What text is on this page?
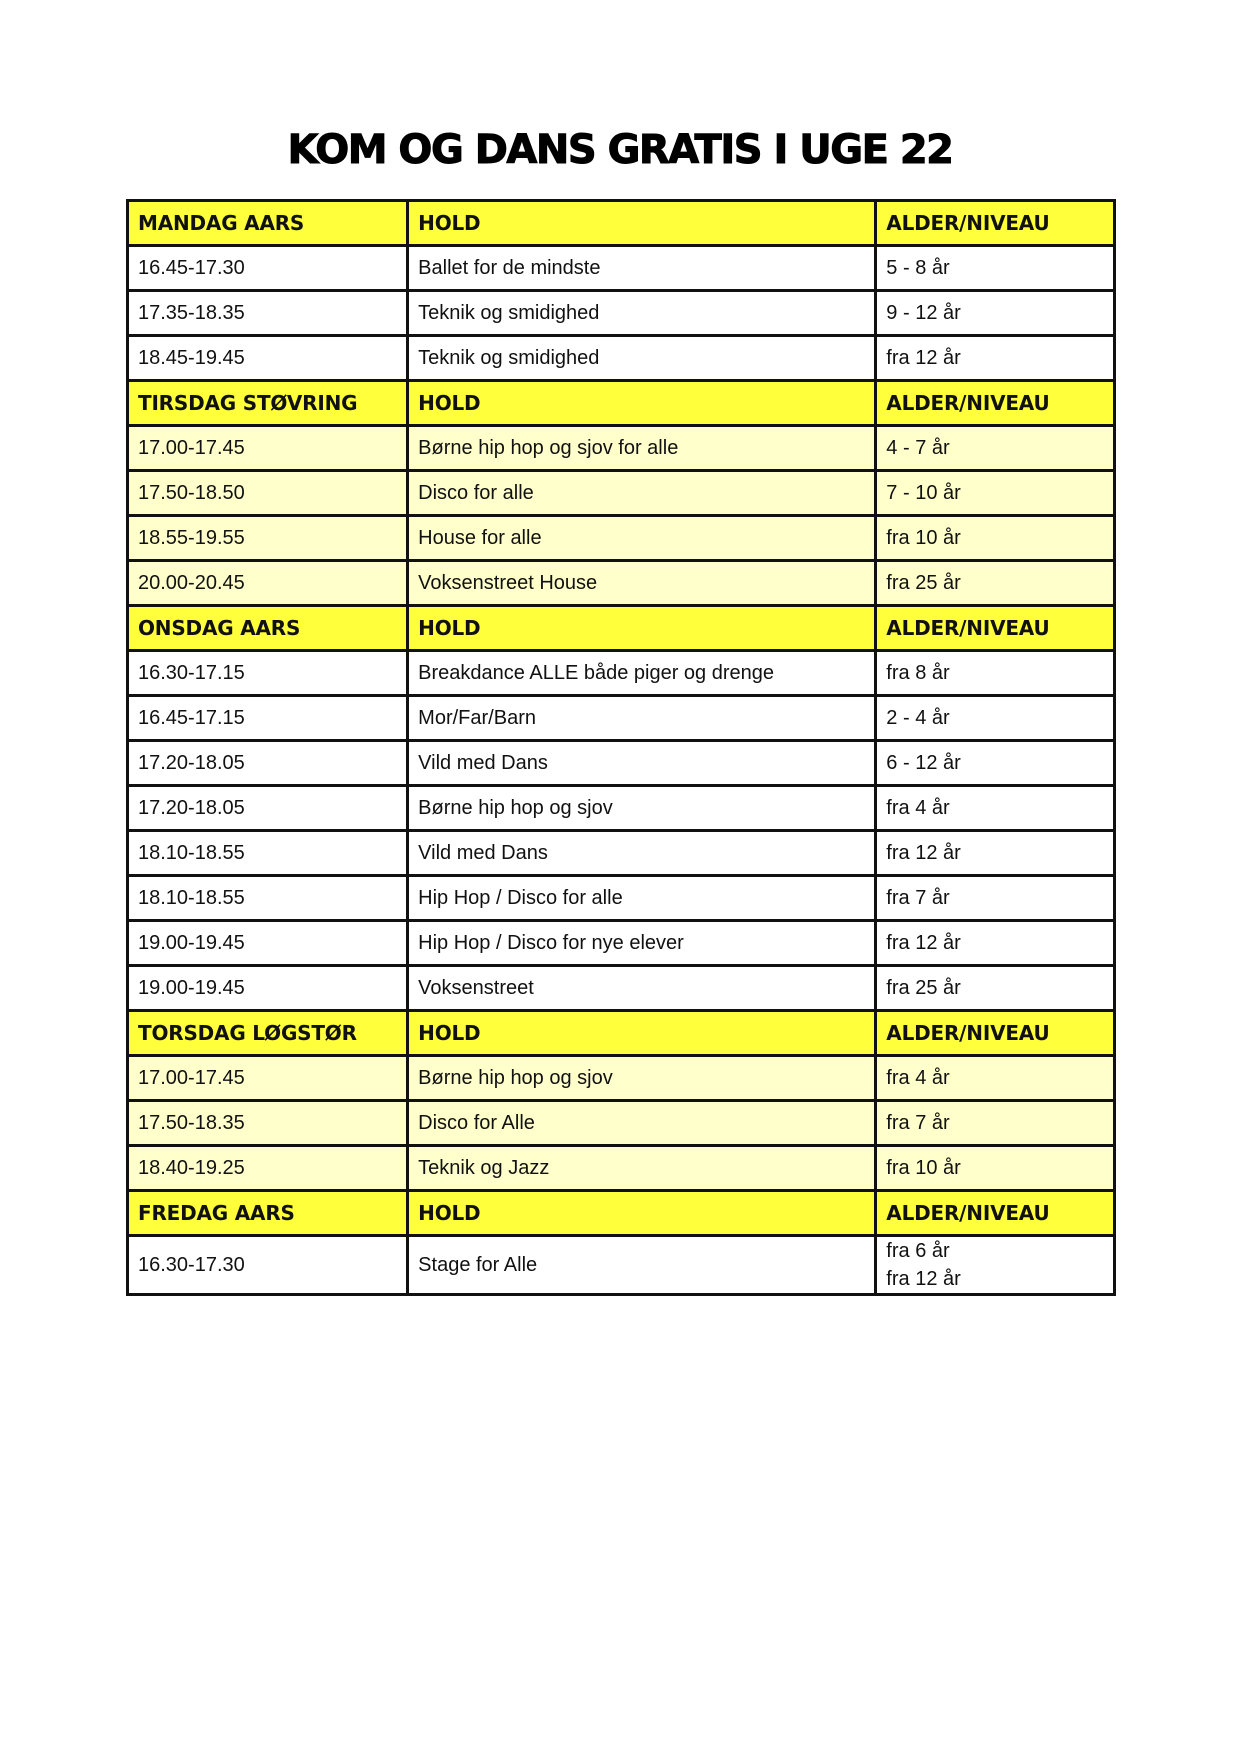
KOM OG DANS GRATIS I UGE 22
MANDAG AARS	HOLD	ALDER/NIVEAU
16.45-17.30	Ballet for de mindste	5 - 8 år
17.35-18.35	Teknik og smidighed	9 - 12 år
18.45-19.45	Teknik og smidighed	fra 12 år
TIRSDAG STØVRING	HOLD	ALDER/NIVEAU
17.00-17.45	Børne hip hop og sjov for alle	4 - 7 år
17.50-18.50	Disco for alle	7 - 10 år
18.55-19.55	House for alle	fra 10 år
20.00-20.45	Voksenstreet House	fra 25 år
ONSDAG AARS	HOLD	ALDER/NIVEAU
16.30-17.15	Breakdance ALLE både piger og drenge	fra 8 år
16.45-17.15	Mor/Far/Barn	2 - 4 år
17.20-18.05	Vild med Dans	6 - 12 år
17.20-18.05	Børne hip hop og sjov	fra 4 år
18.10-18.55	Vild med Dans	fra 12 år
18.10-18.55	Hip Hop / Disco for alle	fra 7 år
19.00-19.45	Hip Hop / Disco for nye elever	fra 12 år
19.00-19.45	Voksenstreet	fra 25 år
TORSDAG LØGSTØR	HOLD	ALDER/NIVEAU
17.00-17.45	Børne hip hop og sjov	fra 4 år
17.50-18.35	Disco for Alle	fra 7 år
18.40-19.25	Teknik og Jazz	fra 10 år
FREDAG AARS	HOLD	ALDER/NIVEAU
16.30-17.30	Stage for Alle	fra 6 år
fra 12 år
